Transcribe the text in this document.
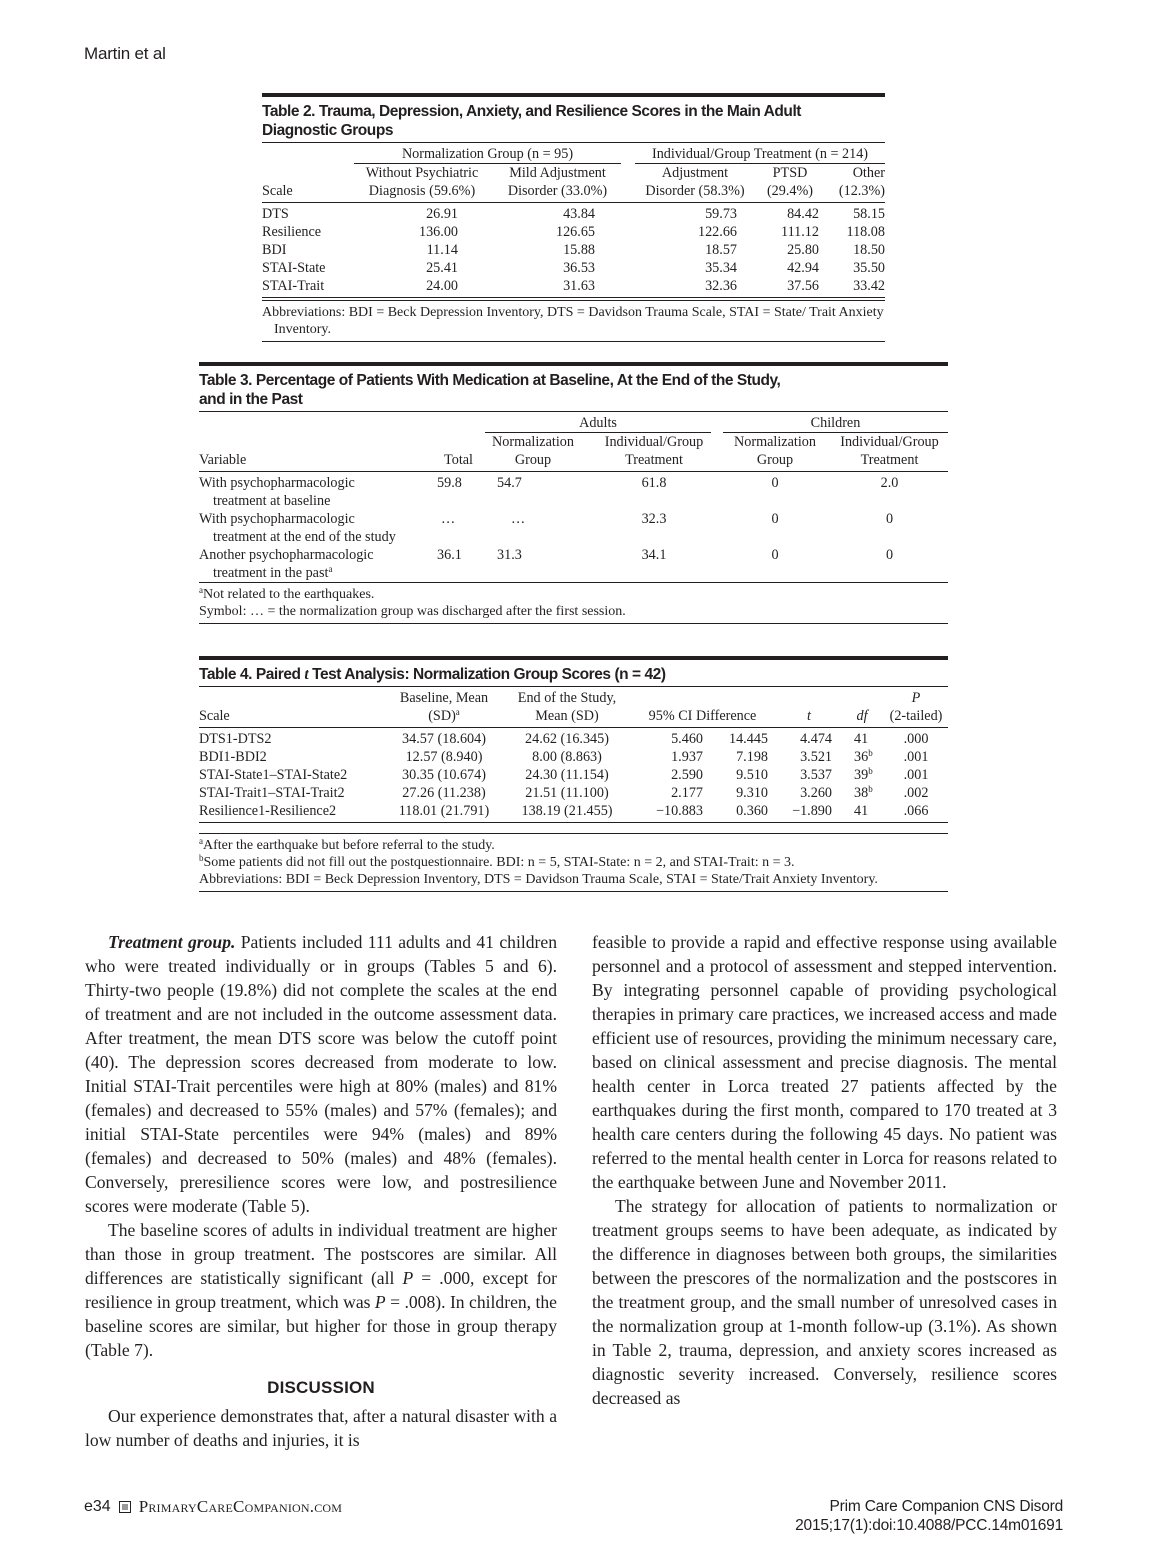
Martin et al
Table 2. Trauma, Depression, Anxiety, and Resilience Scores in the Main Adult
Diagnostic Groups

	Normalization Group (n = 95)		Individual/Group Treatment (n = 214)		

	Without Psychiatric	Mild Adjustment	Adjustment	PTSD	Other
Scale	Diagnosis (59.6%)	Disorder (33.0%)	Disorder (58.3%)	(29.4%)	(12.3%)
DTS	26.91	43.84	59.73	84.42	58.15
Resilience	136.00	126.65	122.66	111.12	118.08
BDI	11.14	15.88	18.57	25.80	18.50
STAI-State	25.41	36.53	35.34	42.94	35.50
STAI-Trait	24.00	31.63	32.36	37.56	33.42
Abbreviations: BDI = Beck Depression Inventory, DTS = Davidson Trauma Scale, STAI = State/ Trait Anxiety Inventory.
Table 3. Percentage of Patients With Medication at Baseline, At the End of the Study,
and in the Past

		Adults		Children	

		Normalization	Individual/Group	Normalization	Individual/Group
Variable	Total	Group	Treatment	Group	Treatment

With psychopharmacologic
treatment at baseline	59.8	54.7	61.8	0	2.0

With psychopharmacologic
treatment at the end of the study	…	…	32.3	0	0

Another psychopharmacologic
treatment in the past$^a$	36.1	31.3	34.1	0	0
$^a$Not related to the earthquakes.
Symbol: … = the normalization group was discharged after the first session.
Table 4. Paired t Test Analysis: Normalization Group Scores (n = 42)
	Baseline, Mean	End of the Study,					P
Scale	(SD)$^a$	Mean (SD)	95% CI Difference		t	df	(2-tailed)
DTS1-DTS2	34.57 (18.604)	24.62 (16.345)	5.460	14.445	4.474	41	.000
BDI1-BDI2	12.57 (8.940)	8.00 (8.863)	1.937	7.198	3.521	36$^b$	.001
STAI-State1–STAI-State2	30.35 (10.674)	24.30 (11.154)	2.590	9.510	3.537	39$^b$	.001
STAI-Trait1–STAI-Trait2	27.26 (11.238)	21.51 (11.100)	2.177	9.310	3.260	38$^b$	.002
Resilience1-Resilience2	118.01 (21.791)	138.19 (21.455)	−10.883	0.360	−1.890	41	.066
$^a$After the earthquake but before referral to the study.
$^b$Some patients did not fill out the postquestionnaire. BDI: n = 5, STAI-State: n = 2, and STAI-Trait: n = 3.
Abbreviations: BDI = Beck Depression Inventory, DTS = Davidson Trauma Scale, STAI = State/Trait Anxiety Inventory.

Treatment group. Patients included 111 adults and 41 children who were treated individually or in groups (Tables 5 and 6). Thirty-two people (19.8%) did not complete the scales at the end of treatment and are not included in the outcome assessment data. After treatment, the mean DTS score was below the cutoff point (40). The depression scores decreased from moderate to low. Initial STAI-Trait percentiles were high at 80% (males) and 81% (females) and decreased to 55% (males) and 57% (females); and initial STAI-State percentiles were 94% (males) and 89% (females) and decreased to 50% (males) and 48% (females). Conversely, preresilience scores were low, and postresilience scores were moderate (Table 5).

The baseline scores of adults in individual treatment are higher than those in group treatment. The postscores are similar. All differences are statistically significant (all P = .000, except for resilience in group treatment, which was P = .008). In children, the baseline scores are similar, but higher for those in group therapy (Table 7).

DISCUSSION

Our experience demonstrates that, after a natural disaster with a low number of deaths and injuries, it is

feasible to provide a rapid and effective response using available personnel and a protocol of assessment and stepped intervention. By integrating personnel capable of providing psychological therapies in primary care practices, we increased access and made efficient use of resources, providing the minimum necessary care, based on clinical assessment and precise diagnosis. The mental health center in Lorca treated 27 patients affected by the earthquakes during the first month, compared to 170 treated at 3 health care centers during the following 45 days. No patient was referred to the mental health center in Lorca for reasons related to the earthquake between June and November 2011.

The strategy for allocation of patients to normalization or treatment groups seems to have been adequate, as indicated by the difference in diagnoses between both groups, the similarities between the prescores of the normalization and the postscores in the treatment group, and the small number of unresolved cases in the normalization group at 1-month follow-up (3.1%). As shown in Table 2, trauma, depression, and anxiety scores increased as diagnostic severity increased. Conversely, resilience scores decreased as

e34 PrimaryCareCompanion.com	Prim Care Companion CNS Disord
2015;17(1):doi:10.4088/PCC.14m01691
